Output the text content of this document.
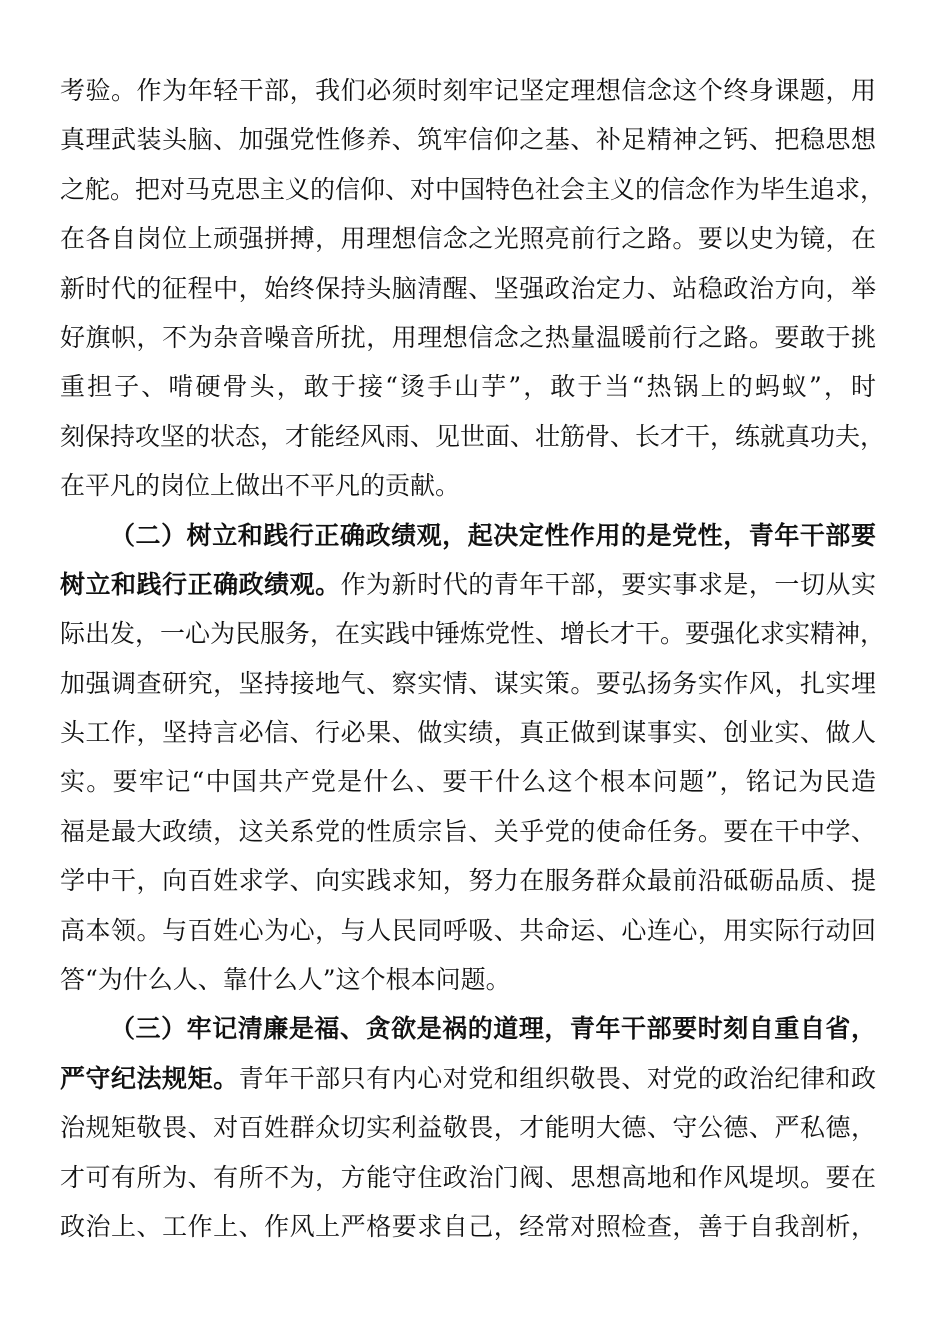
考验。作为年轻干部，我们必须时刻牢记坚定理想信念这个终身课题，用
真理武装头脑、加强党性修养、筑牢信仰之基、补足精神之钙、把稳思想
之舵。把对马克思主义的信仰、对中国特色社会主义的信念作为毕生追求，
在各自岗位上顽强拼搏，用理想信念之光照亮前行之路。要以史为镜，在
新时代的征程中，始终保持头脑清醒、坚强政治定力、站稳政治方向，举
好旗帜，不为杂音噪音所扰，用理想信念之热量温暖前行之路。要敢于挑
重担子、啃硬骨头，敢于接“烫手山芋”，敢于当“热锅上的蚂蚁”，时
刻保持攻坚的状态，才能经风雨、见世面、壮筋骨、长才干，练就真功夫，
在平凡的岗位上做出不平凡的贡献。
（二）树立和践行正确政绩观，起决定性作用的是党性，青年干部要
树立和践行正确政绩观。作为新时代的青年干部，要实事求是，一切从实
际出发，一心为民服务，在实践中锤炼党性、增长才干。要强化求实精神，
加强调查研究，坚持接地气、察实情、谋实策。要弘扬务实作风，扎实埋
头工作，坚持言必信、行必果、做实绩，真正做到谋事实、创业实、做人
实。要牢记“中国共产党是什么、要干什么这个根本问题”，铭记为民造
福是最大政绩，这关系党的性质宗旨、关乎党的使命任务。要在干中学、
学中干，向百姓求学、向实践求知，努力在服务群众最前沿砥砺品质、提
高本领。与百姓心为心，与人民同呼吸、共命运、心连心，用实际行动回
答“为什么人、靠什么人”这个根本问题。
（三）牢记清廉是福、贪欲是祸的道理，青年干部要时刻自重自省，
严守纪法规矩。青年干部只有内心对党和组织敬畏、对党的政治纪律和政
治规矩敬畏、对百姓群众切实利益敬畏，才能明大德、守公德、严私德，
才可有所为、有所不为，方能守住政治门阀、思想高地和作风堤坝。要在
政治上、工作上、作风上严格要求自己，经常对照检查，善于自我剖析，
